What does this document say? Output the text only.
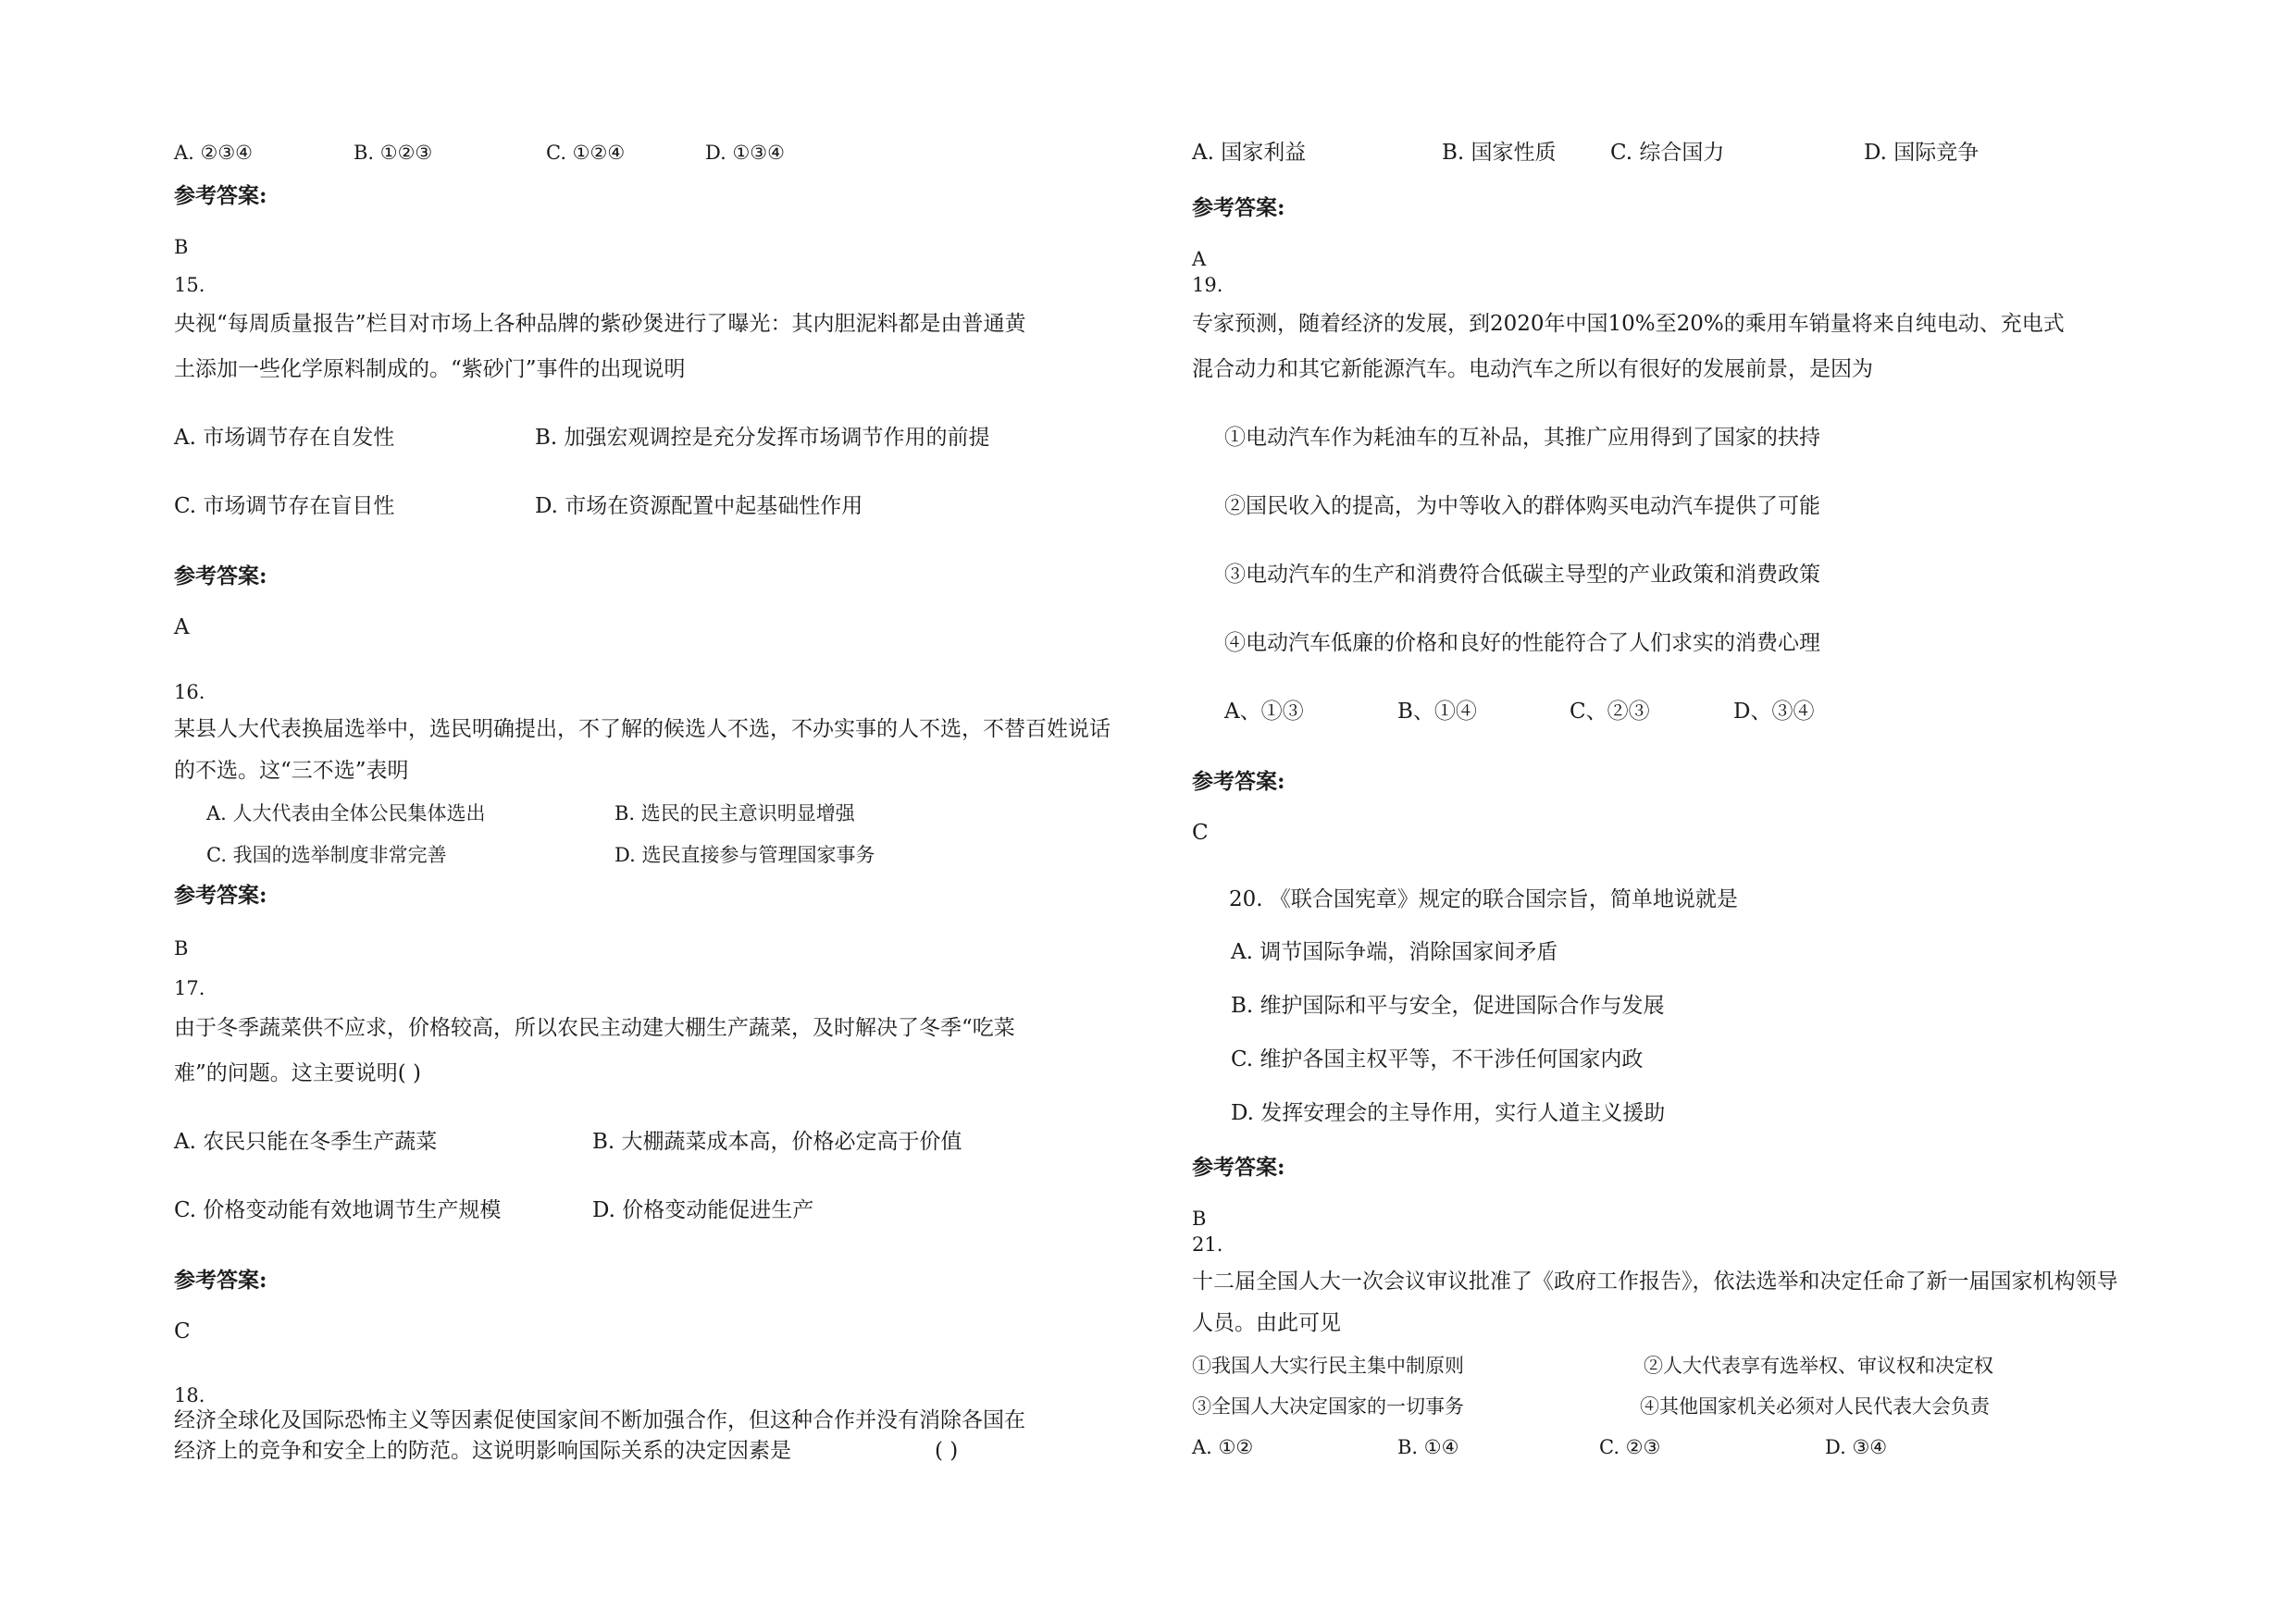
A. ②③④	B. ①②③	C. ①②④	D. ①③④
参考答案:
B
15.
央视“每周质量报告”栏目对市场上各种品牌的紫砂煲进行了曝光：其内胆泥料都是由普通黄
土添加一些化学原料制成的。“紫砂门”事件的出现说明
A. 市场调节存在自发性	B. 加强宏观调控是充分发挥市场调节作用的前提
C. 市场调节存在盲目性	D. 市场在资源配置中起基础性作用
参考答案:
A
16.
某县人大代表换届选举中，选民明确提出，不了解的候选人不选，不办实事的人不选，不替百姓说话
的不选。这“三不选”表明
A. 人大代表由全体公民集体选出	B. 选民的民主意识明显增强
C. 我国的选举制度非常完善	D. 选民直接参与管理国家事务
参考答案:
B
17.
由于冬季蔬菜供不应求，价格较高，所以农民主动建大棚生产蔬菜，及时解决了冬季“吃菜
难”的问题。这主要说明( )
A. 农民只能在冬季生产蔬菜	B. 大棚蔬菜成本高，价格必定高于价值
C. 价格变动能有效地调节生产规模	D. 价格变动能促进生产
参考答案:
C
18.
经济全球化及国际恐怖主义等因素促使国家间不断加强合作，但这种合作并没有消除各国在
经济上的竞争和安全上的防范。这说明影响国际关系的决定因素是	( )
A. 国家利益	B. 国家性质	C. 综合国力	D. 国际竞争
参考答案:
A
19.
专家预测，随着经济的发展，到2020年中国10%至20%的乘用车销量将来自纯电动、充电式
混合动力和其它新能源汽车。电动汽车之所以有很好的发展前景，是因为
①电动汽车作为耗油车的互补品，其推广应用得到了国家的扶持
②国民收入的提高，为中等收入的群体购买电动汽车提供了可能
③电动汽车的生产和消费符合低碳主导型的产业政策和消费政策
④电动汽车低廉的价格和良好的性能符合了人们求实的消费心理
A、①③	B、①④	C、②③	D、③④
参考答案:
C
20. 《联合国宪章》规定的联合国宗旨，简单地说就是
A. 调节国际争端，消除国家间矛盾
B. 维护国际和平与安全，促进国际合作与发展
C. 维护各国主权平等，不干涉任何国家内政
D. 发挥安理会的主导作用，实行人道主义援助
参考答案:
B
21.
十二届全国人大一次会议审议批准了《政府工作报告》，依法选举和决定任命了新一届国家机构领导
人员。由此可见
①我国人大实行民主集中制原则	②人大代表享有选举权、审议权和决定权
③全国人大决定国家的一切事务	④其他国家机关必须对人民代表大会负责
A. ①②	B. ①④	C. ②③	D. ③④
